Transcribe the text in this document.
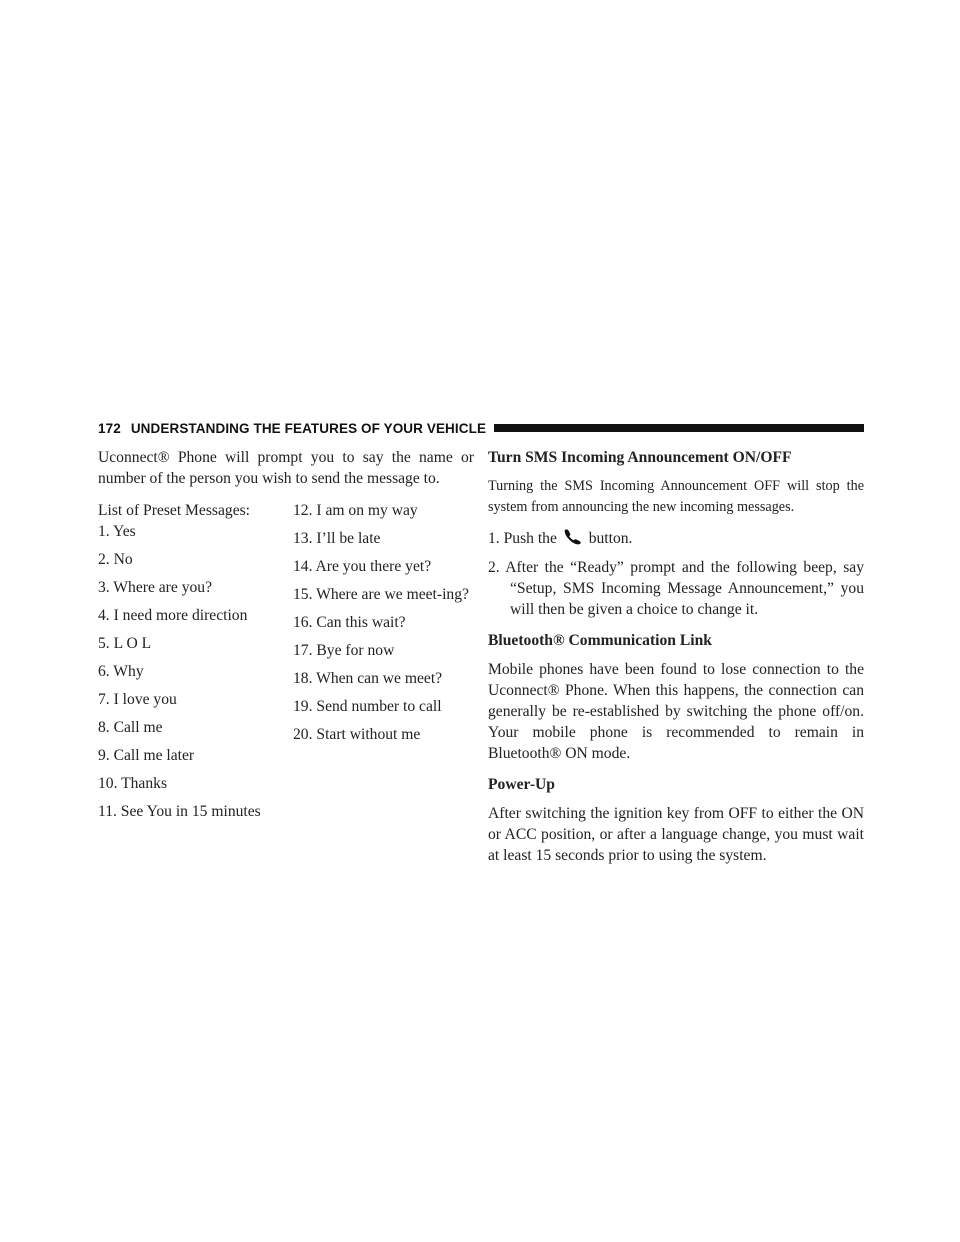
172 UNDERSTANDING THE FEATURES OF YOUR VEHICLE

Uconnect® Phone will prompt you to say the name or number of the person you wish to send the message to.

List of Preset Messages:

1. Yes
2. No
3. Where are you?
4. I need more direction
5. L O L
6. Why
7. I love you
8. Call me
9. Call me later
10. Thanks
11. See You in 15 minutes
12. I am on my way
13. I’ll be late
14. Are you there yet?
15. Where are we meet-ing?
16. Can this wait?
17. Bye for now
18. When can we meet?
19. Send number to call
20. Start without me

Turn SMS Incoming Announcement ON/OFF

Turning the SMS Incoming Announcement OFF will stop the system from announcing the new incoming messages.

1. Push the button.

2. After the “Ready” prompt and the following beep, say “Setup, SMS Incoming Message Announcement,” you will then be given a choice to change it.

Bluetooth® Communication Link

Mobile phones have been found to lose connection to the Uconnect® Phone. When this happens, the connection can generally be re-established by switching the phone off/on. Your mobile phone is recommended to remain in Bluetooth® ON mode.

Power-Up

After switching the ignition key from OFF to either the ON or ACC position, or after a language change, you must wait at least 15 seconds prior to using the system.
